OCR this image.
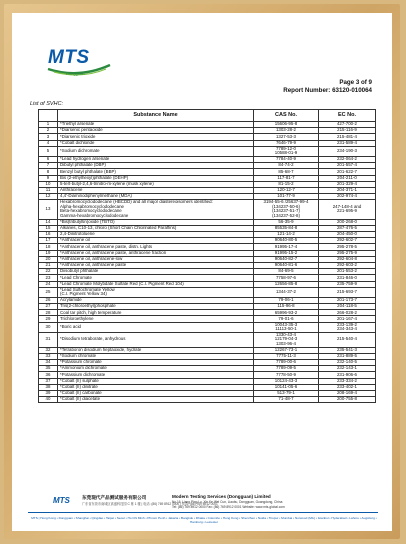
MTS
Dongguan
Page 3 of 9
Report Number: 63120-010064
List of SVHC:
	Substance Name	CAS No.	EC No.
1	*Triethyl arsenate	15606-95-8	427-700-2
2	*Diarsenic pentaoxide	1303-28-2	215-116-9
3	*Diarsenic trioxide	1327-53-3	215-481-4
4	*Cobalt dichloride	7646-79-9	231-589-4
5	*Sodium dichromate	7789-12-0
10588-01-9	234-190-3
6	*Lead hydrogen arsenate	7784-40-9	232-064-2
7	Dibutyl phthalate (DBP)	84-74-2	201-557-4
8	Benzyl butyl phthalate (BBP)	85-68-7	201-622-7
9	Bis (2-ethylhexyl)phthalate (DEHP)	117-81-7	204-211-0
10	5-tert-butyl-2,4,6-trinitro-m-xylene (musk xylene)	81-15-2	201-329-4
11	Anthracene	120-12-7	204-371-1
12	4,4'-Diaminodiphenylmethane (MDA)	101-77-9	202-974-4
13	Hexabromocyclododecane (HBCDD) and all major diastereoisomers identified:
Alpha-hexabromocyclododecane
Beta-hexabromocyclododecane
Gamma-hexabromocyclododecane	3194-55-6 /25637-99-4
(134237-50-6)
(134237-51-7)
(134237-52-8)	247-148-4 and
221-695-9
14	*Bis(tributyltin)oxide (TBTO)	56-35-9	200-268-0
15	Alkanes, C10-13, chloro (Short Chain Chlorinated Paraffins)	85535-84-8	287-476-5
16	2,4-Dinitrotoluene	121-14-2	204-450-0
17	*Anthracene oil	90640-80-5	292-602-7
18	*Anthracene oil, anthracene paste, distn. Lights	91995-17-4	295-278-5
19	*Anthracene oil, anthracene paste, anthracene fraction	91995-15-2	295-275-9
20	*Anthracene oil, anthracene-low	90640-82-7	292-604-8
21	*Anthracene oil, anthracene paste	90640-81-6	292-603-2
22	Diisobutyl phthalate	84-69-5	201-553-2
23	*Lead Chromate	7758-97-6	231-846-0
24	*Lead Chromate Molybdate Sulfate Red (C.I. Pigment Red 104)	12656-85-8	235-759-9
25	*Lead Sulfochromate Yellow
(C.I. Pigment Yellow 34)	1344-37-2	215-693-7
26	Acrylamide	79-06-1	201-173-7
27	Tris(2-chloroethyl)phosphate	115-96-8	204-118-5
28	Coal tar pitch, high temperature	65996-93-2	266-028-2
29	Trichloroethylene	79-01-6	201-167-4
30	*Boric acid	10043-35-3
11113-50-1	233-139-2
234-343-4
31	*Disodium tetraborate, anhydrous	1330-43-4
12179-04-3
1303-96-4	215-540-4
32	*Tetraboron disodium heptaoxide, hydrate	12267-73-1	235-541-3
33	*Sodium chromate	7775-11-3	231-889-5
34	*Potassium chromate	7789-00-6	232-140-5
35	*Ammonium dichromate	7789-09-5	232-143-1
36	*Potassium dichromate	7778-50-9	231-906-6
37	*Cobalt (II) sulphate	10124-43-3	233-334-2
38	*Cobalt (II) dinitrate	10141-05-6	233-402-1
39	*Cobalt (II) carbonate	513-79-1	208-169-4
40	*Cobalt (II) diacetate	71-48-7	200-755-8
MTS	东莞现代产品测试服务有限公司
广东省东莞市南城区高盛科技园 C 栋 1 楼 | 电话: (86) 769 8912 0000 | 传真: (86) 769 8912 0001
Modern Testing Services (Dongguan) Limited
No.16, Liang Ping Lu, Xin Ke Wei Cun, Liaobu, Dongguan, Guangdong, China
Tel: (86) 769 8912 0000 Fax: (86) 769 8912 0001 Website: www.mts-global.com
MTS | Hong Kong • Dongguan • Shanghai • Qingdao • Taipei • Seoul • Ho Chi Minh • Phnom Penh • Jakarta • Bangkok • Dhaka • Colombo • Hong Kong • Shenzhen • Noida • Tirupur • Mumbai • Norwood (MA) • Istanbul • Hyderabad • Lahore • Augsburg • Hamburg • Leicester
